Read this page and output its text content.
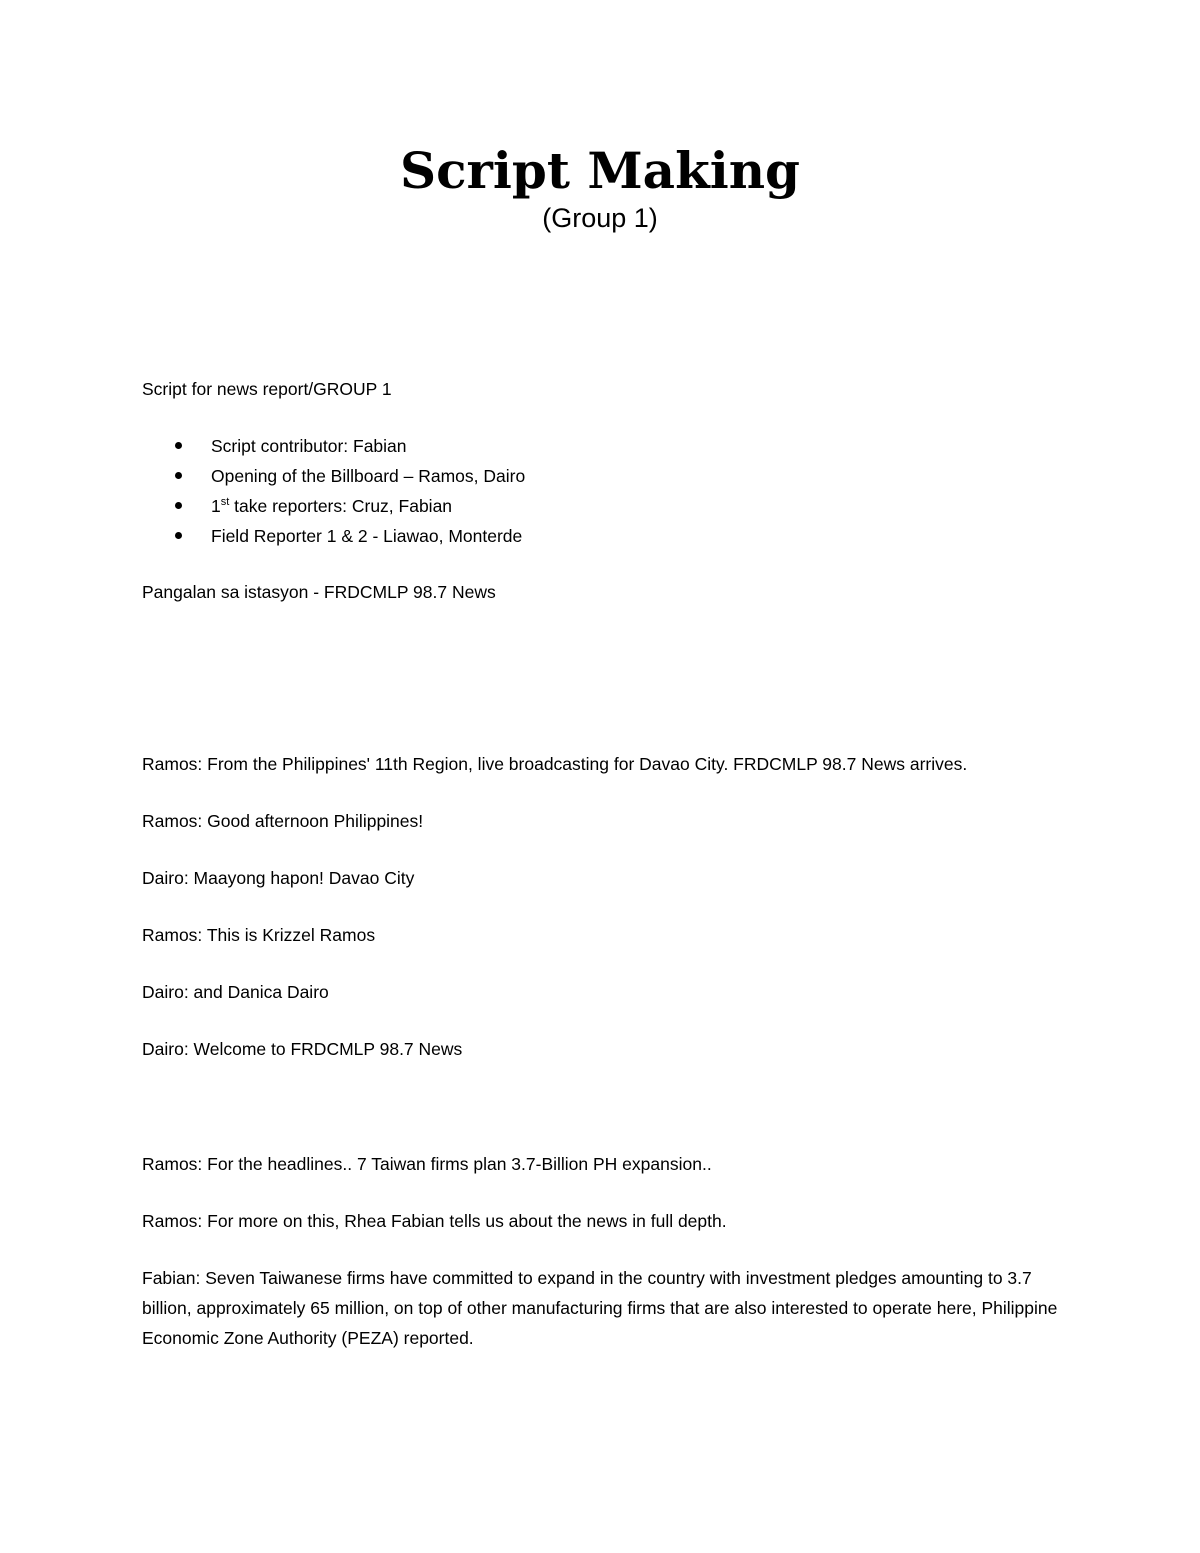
Script Making
(Group 1)
Script for news report/GROUP 1
Script contributor: Fabian
Opening of the Billboard – Ramos, Dairo
1st take reporters: Cruz, Fabian
Field Reporter 1 & 2 - Liawao, Monterde
Pangalan sa istasyon - FRDCMLP 98.7 News
Ramos: From the Philippines' 11th Region, live broadcasting for Davao City. FRDCMLP 98.7 News arrives.
Ramos: Good afternoon Philippines!
Dairo: Maayong hapon! Davao City
Ramos: This is Krizzel Ramos
Dairo: and Danica Dairo
Dairo: Welcome to FRDCMLP 98.7 News
Ramos: For the headlines.. 7 Taiwan firms plan 3.7-Billion PH expansion..
Ramos: For more on this, Rhea Fabian tells us about the news in full depth.

Fabian: Seven Taiwanese firms have committed to expand in the country with investment pledges amounting to 3.7 billion, approximately 65 million, on top of other manufacturing firms that are also interested to operate here, Philippine Economic Zone Authority (PEZA) reported.
